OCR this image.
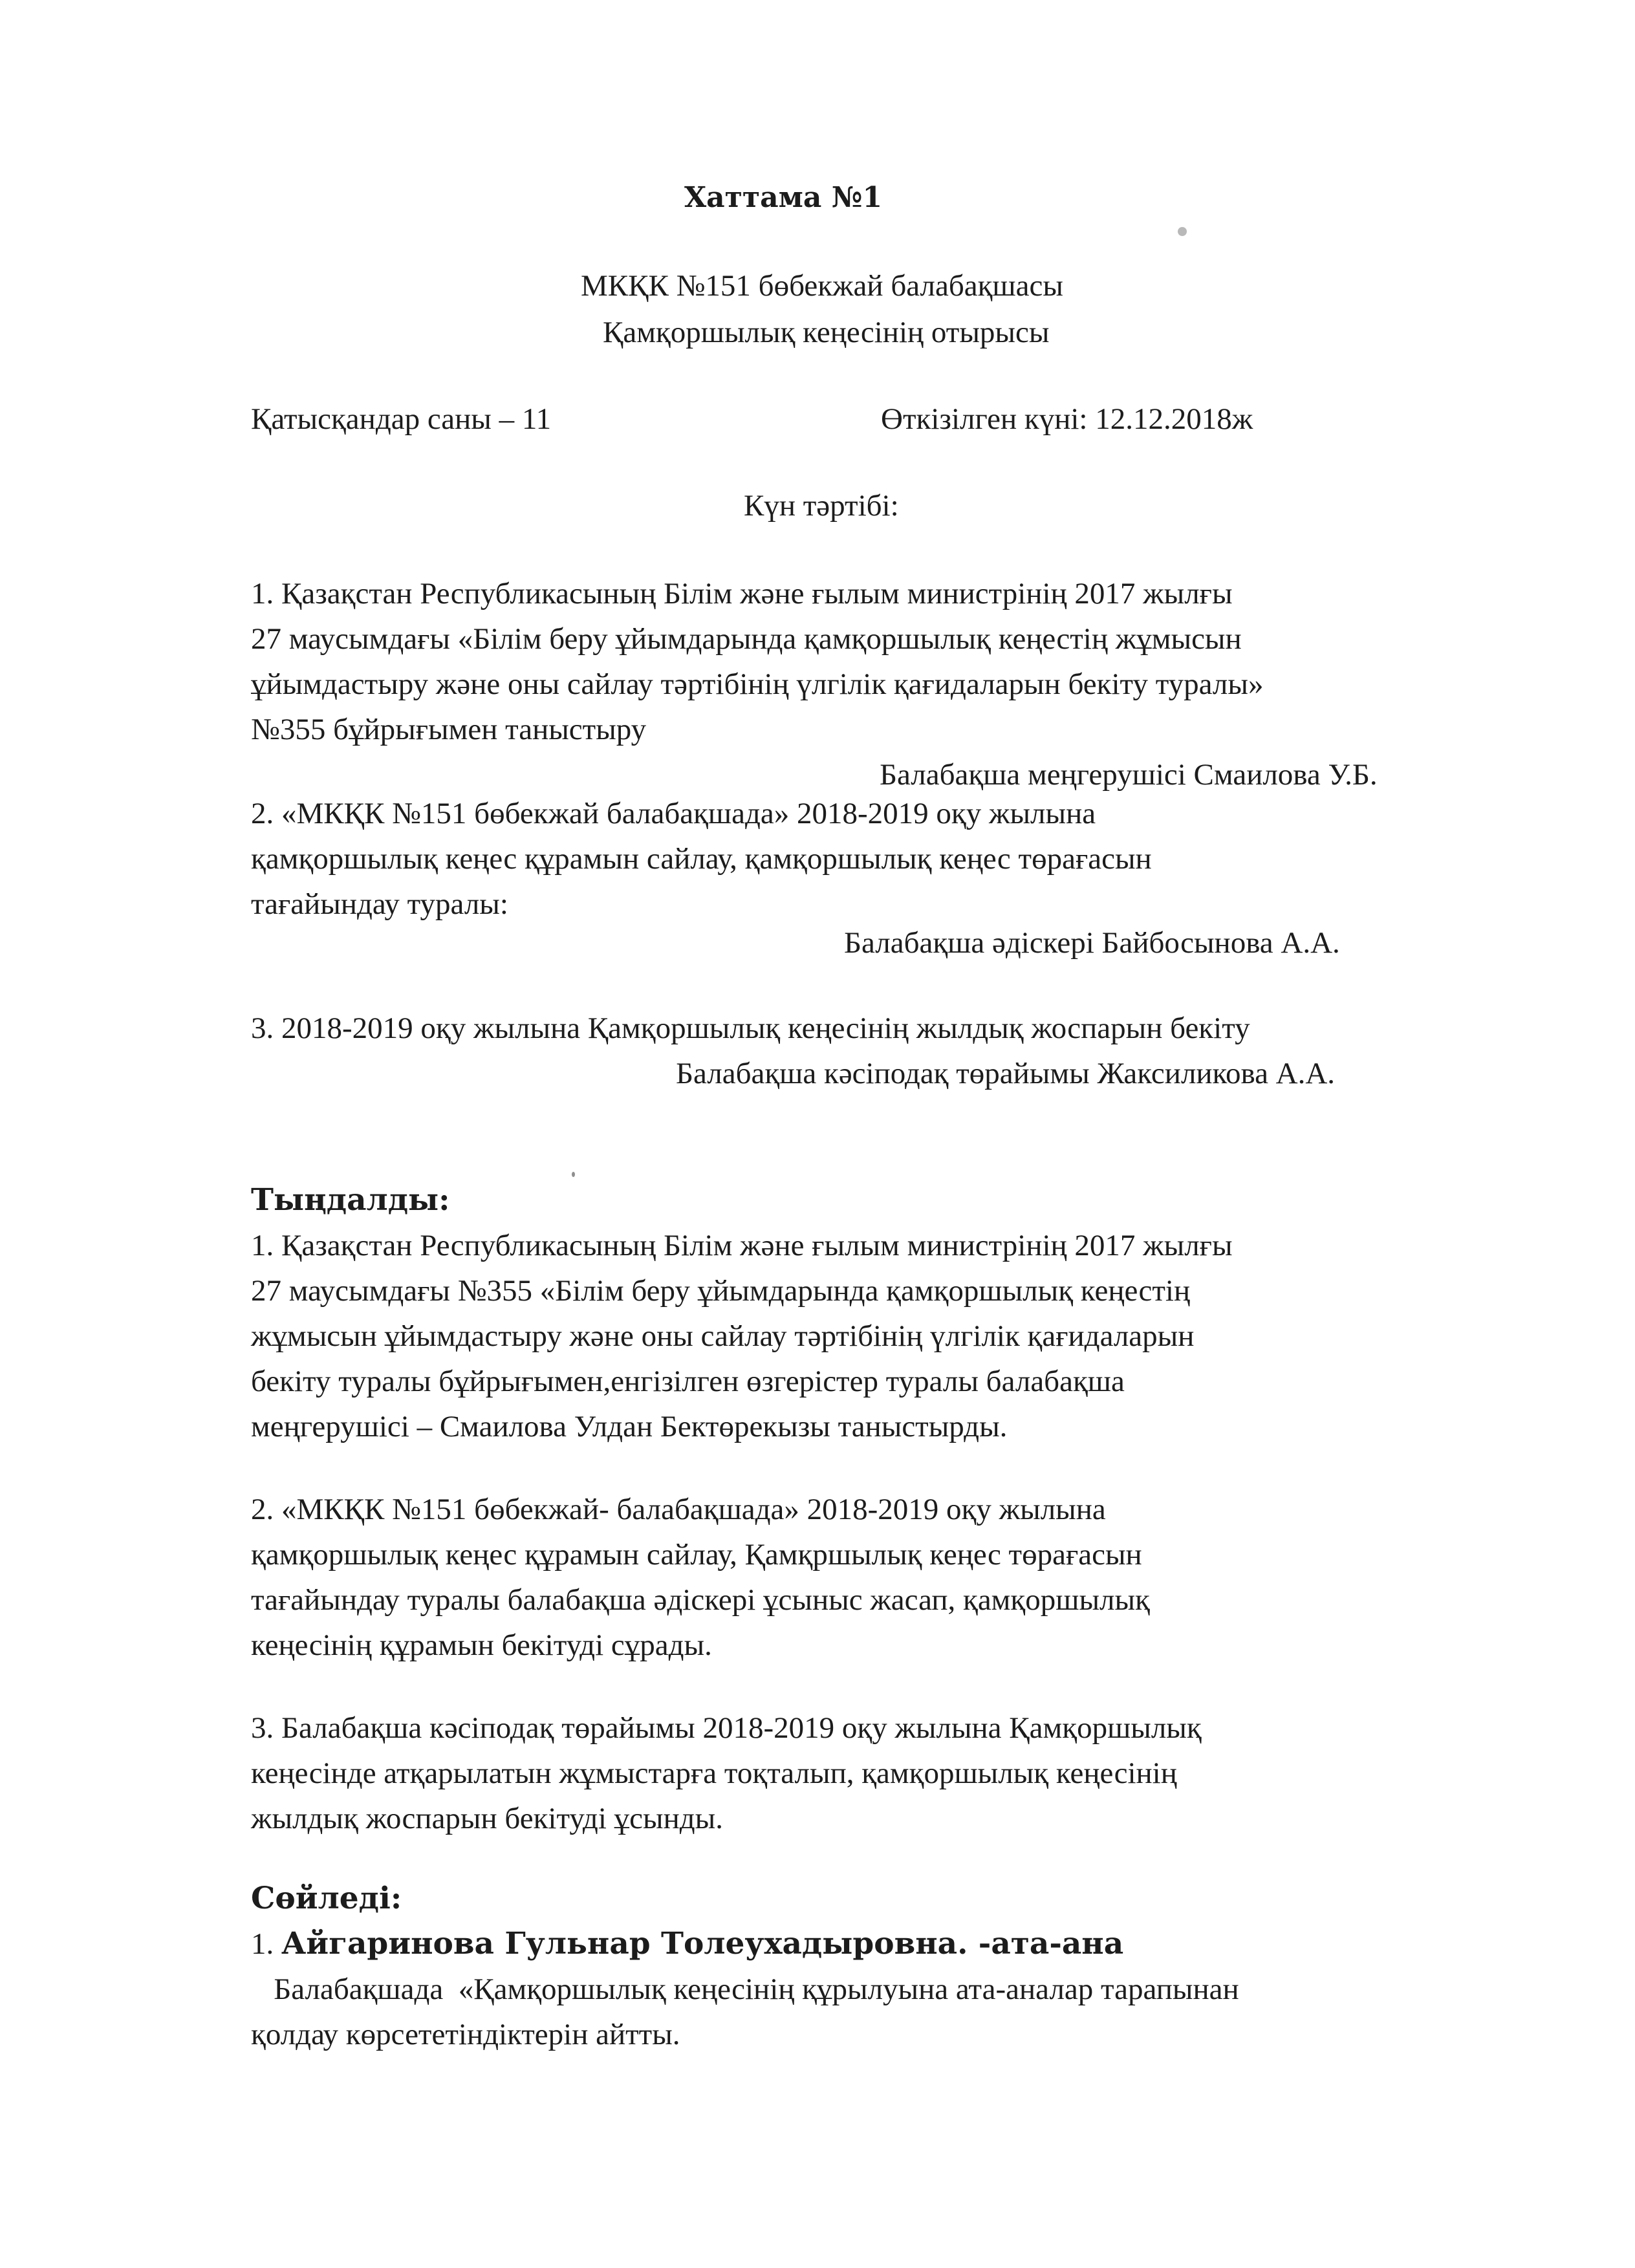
Хаттама №1
МКҚК №151 бөбекжай балабақшасы
Қамқоршылық кеңесінің отырысы
Қатысқандар саны – 11	Өткізілген күні: 12.12.2018ж
Күн тәртібі:
1. Қазақстан Республикасының Білім және ғылым министрінің 2017 жылғы
27 маусымдағы «Білім беру ұйымдарында қамқоршылық кеңестің жұмысын
ұйымдастыру және оны сайлау тәртібінің үлгілік қағидаларын бекіту туралы»
№355 бұйрығымен таныстыру
Балабақша меңгерушісі Смаилова У.Б.
2. «МКҚК №151 бөбекжай балабақшада» 2018-2019 оқу жылына
қамқоршылық кеңес құрамын сайлау, қамқоршылық кеңес төрағасын
тағайындау туралы:
Балабақша әдіскері Байбосынова А.А.
3. 2018-2019 оқу жылына Қамқоршылық кеңесінің жылдық жоспарын бекіту
Балабақша кәсіподақ төрайымы Жаксиликова А.А.
Тыңдалды:
1. Қазақстан Республикасының Білім және ғылым министрінің 2017 жылғы
27 маусымдағы №355 «Білім беру ұйымдарында қамқоршылық кеңестің
жұмысын ұйымдастыру және оны сайлау тәртібінің үлгілік қағидаларын
бекіту туралы бұйрығымен,енгізілген өзгерістер туралы балабақша
меңгерушісі – Смаилова Улдан Бектөрекызы таныстырды.
2. «МКҚК №151 бөбекжай- балабақшада» 2018-2019 оқу жылына
қамқоршылық кеңес құрамын сайлау, Қамқршылық кеңес төрағасын
тағайындау туралы балабақша әдіскері ұсыныс жасап, қамқоршылық
кеңесінің құрамын бекітуді сұрады.
3. Балабақша кәсіподақ төрайымы 2018-2019 оқу жылына Қамқоршылық
кеңесінде атқарылатын жұмыстарға тоқталып, қамқоршылық кеңесінің
жылдық жоспарын бекітуді ұсынды.
Сөйледі:
1. Айгаринова Гульнар Толеухадыровна. -ата-ана
Балабақшада  «Қамқоршылық кеңесінің құрылуына ата-аналар тарапынан
қолдау көрсететіндіктерін айтты.
